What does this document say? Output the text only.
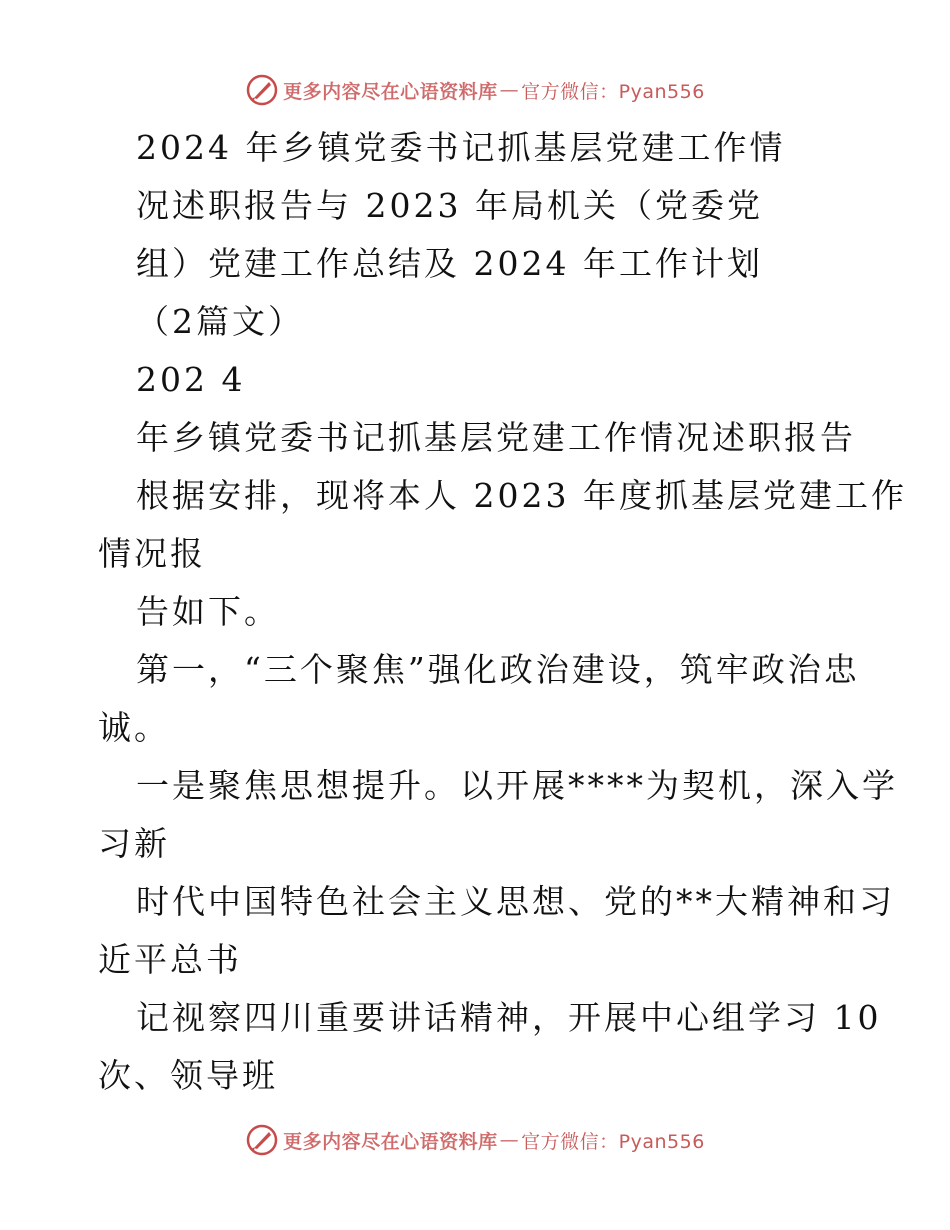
更多内容尽在心语资料库 — 官方微信：Pyan556
2024 年乡镇党委书记抓基层党建工作情
况述职报告与 2023 年局机关（党委党
组）党建工作总结及 2024 年工作计划
（2篇文）
202 4
年乡镇党委书记抓基层党建工作情况述职报告
根据安排，现将本人 2023 年度抓基层党建工作
情况报
告如下。
第一，“三个聚焦”强化政治建设，筑牢政治忠
诚。
一是聚焦思想提升。以开展****为契机，深入学
习新
时代中国特色社会主义思想、党的**大精神和习
近平总书
记视察四川重要讲话精神，开展中心组学习 10
次、领导班
更多内容尽在心语资料库 — 官方微信：Pyan556
